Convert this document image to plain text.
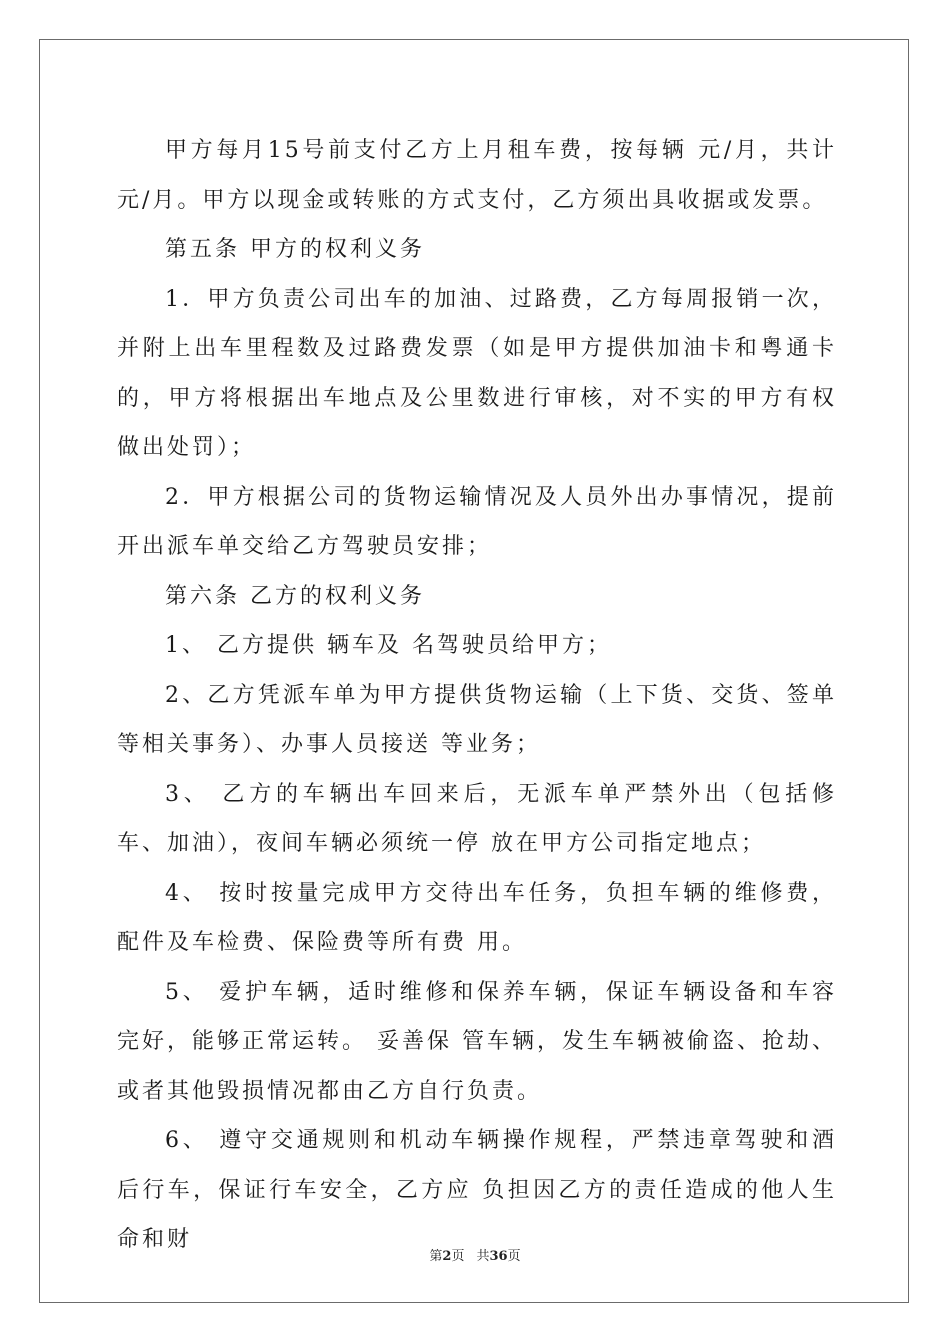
甲方每月15号前支付乙方上月租车费，按每辆 元/月，共计 元/月。甲方以现金或转账的方式支付，乙方须出具收据或发票。

第五条 甲方的权利义务

1．甲方负责公司出车的加油、过路费，乙方每周报销一次，并附上出车里程数及过路费发票（如是甲方提供加油卡和粤通卡的，甲方将根据出车地点及公里数进行审核，对不实的甲方有权做出处罚）；

2．甲方根据公司的货物运输情况及人员外出办事情况，提前开出派车单交给乙方驾驶员安排；

第六条 乙方的权利义务

1、 乙方提供 辆车及 名驾驶员给甲方；

2、乙方凭派车单为甲方提供货物运输（上下货、交货、签单等相关事务）、办事人员接送 等业务；

3、 乙方的车辆出车回来后，无派车单严禁外出（包括修车、加油），夜间车辆必须统一停 放在甲方公司指定地点；

4、 按时按量完成甲方交待出车任务，负担车辆的维修费，配件及车检费、保险费等所有费 用。

5、 爱护车辆，适时维修和保养车辆，保证车辆设备和车容完好，能够正常运转。 妥善保 管车辆，发生车辆被偷盗、抢劫、或者其他毁损情况都由乙方自行负责。

6、 遵守交通规则和机动车辆操作规程，严禁违章驾驶和酒后行车，保证行车安全，乙方应 负担因乙方的责任造成的他人生命和财

第2页 共36页
